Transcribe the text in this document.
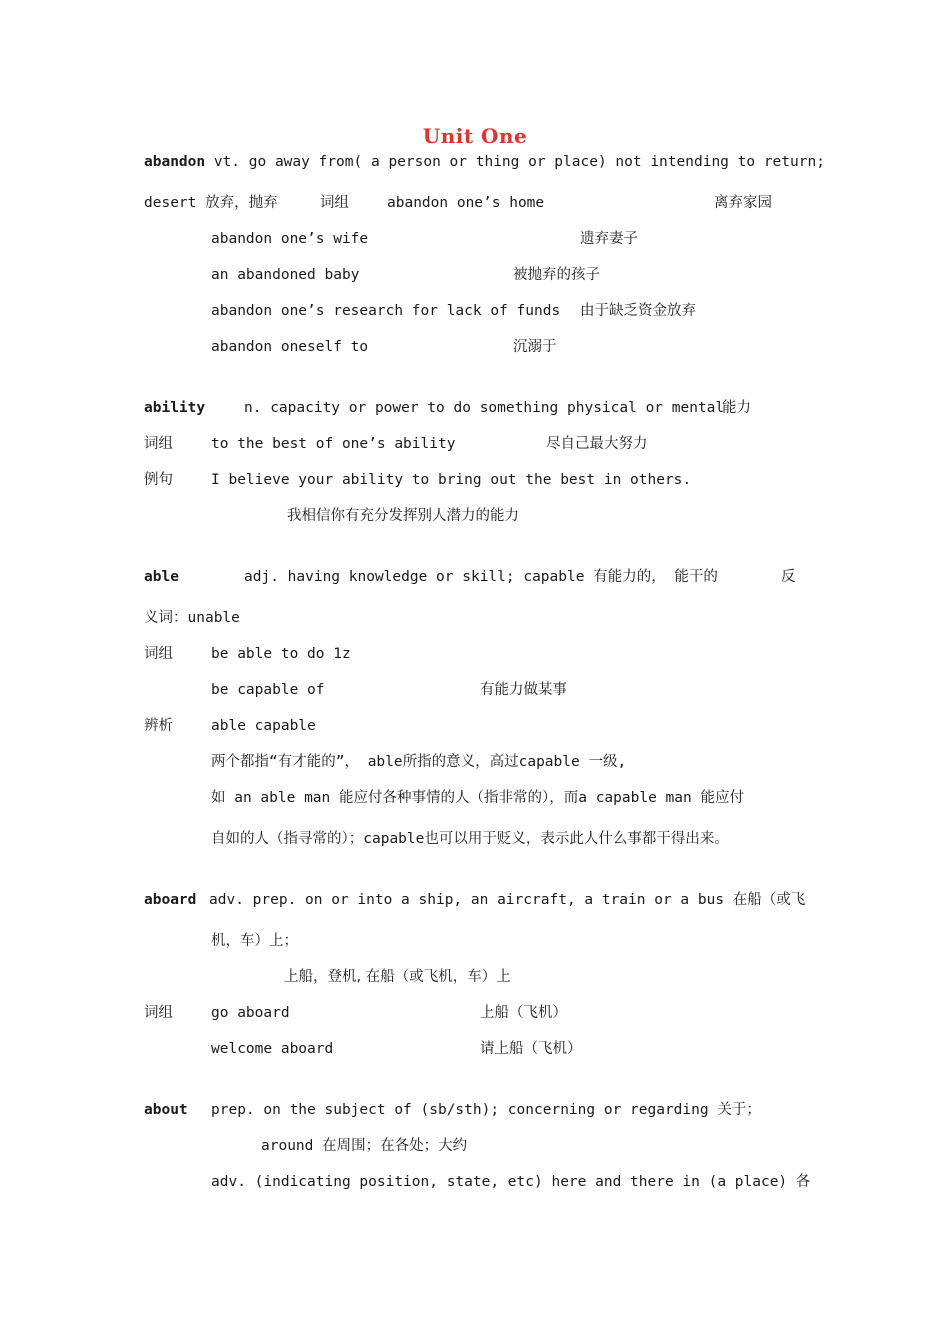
Unit One
abandon vt. go away from( a person or thing or place) not intending to return;
desert 放弃，抛弃	词组	abandon one’s home	离弃家园
abandon one’s wife	遗弃妻子
an abandoned baby	被抛弃的孩子
abandon one’s research for lack of funds 由于缺乏资金放弃
abandon oneself to	沉溺于
ability	n. capacity or power to do something physical or mental
能力
词组	to the best of one’s ability	尽自己最大努力
例句	I believe your ability to bring out the best in others.
我相信你有充分发挥别人潜力的能力
able	adj. having knowledge or skill; capable 有能力的， 能干的	反
义词：unable
词组	be able to do 1z
be capable of	有能力做某事
辨析	able capable
两个都指“有才能的”， able所指的意义，高过capable 一级,
如 an able man 能应付各种事情的人（指非常的），而a capable man 能应付
自如的人（指寻常的）；capable也可以用于贬义，表示此人什么事都干得出来。
aboard adv. prep. on or into a ship, an aircraft, a train or a bus 在船（或飞
机，车）上；
上船，登机, 在船（或飞机，车）上
词组	go aboard	上船（飞机）
welcome aboard	请上船（飞机）
about prep. on the subject of (sb/sth); concerning or regarding 关于；
around 在周围；在各处；大约
adv. (indicating position, state, etc) here and there in (a place) 各
